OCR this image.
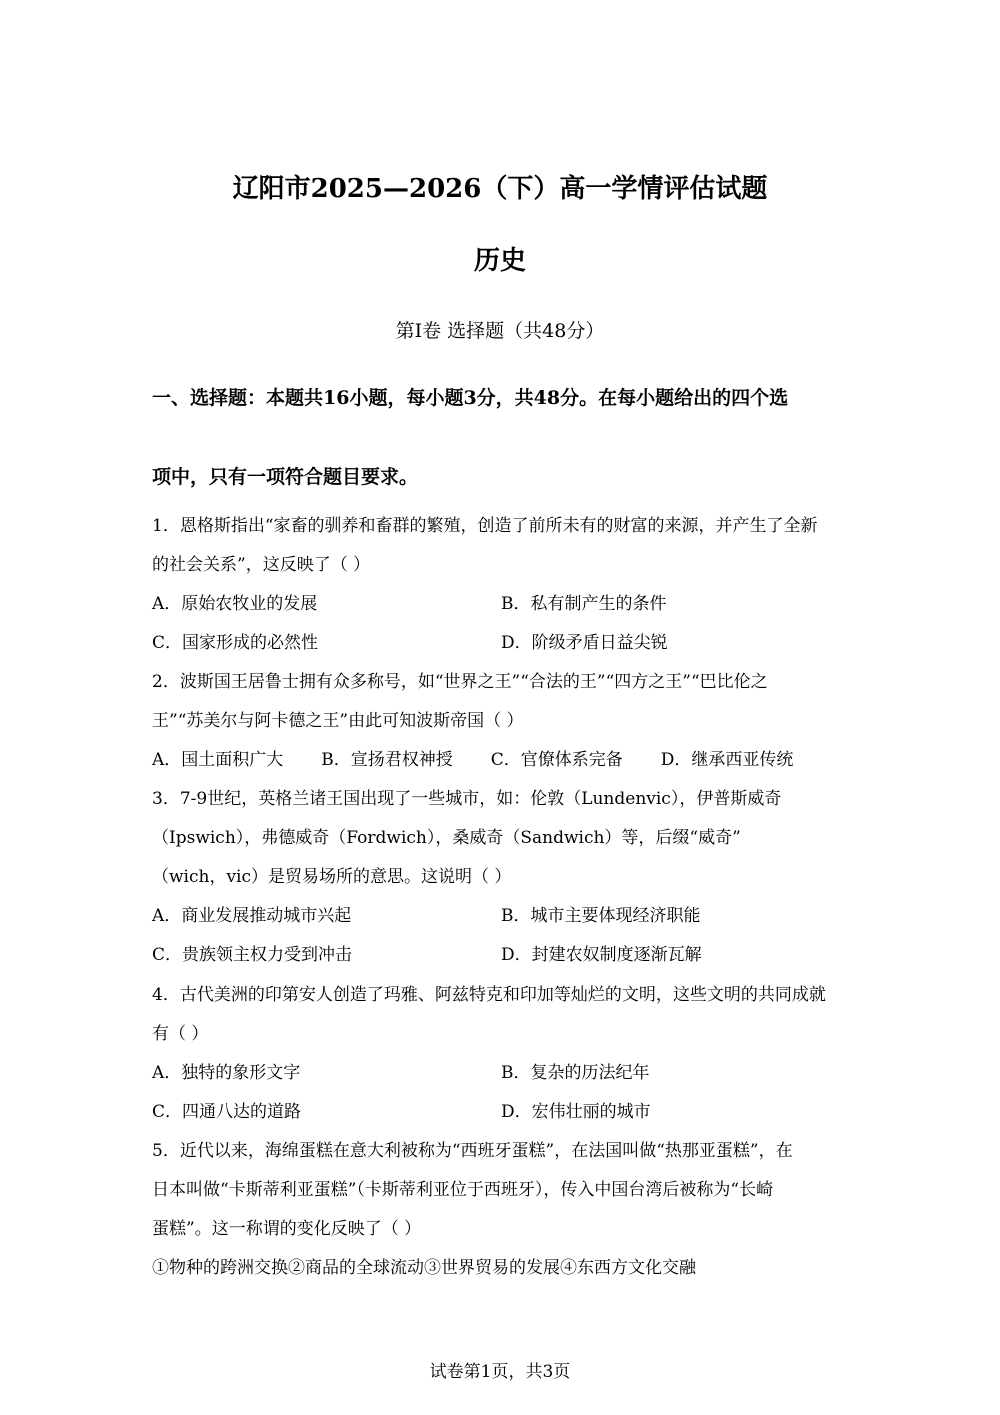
辽阳市2025—2026（下）高一学情评估试题
历史
第Ⅰ卷 选择题（共48分）
一、选择题：本题共16小题，每小题3分，共48分。在每小题给出的四个选
项中，只有一项符合题目要求。
1．恩格斯指出“家畜的驯养和畜群的繁殖，创造了前所未有的财富的来源，并产生了全新
的社会关系”，这反映了（ ）
A．原始农牧业的发展	B．私有制产生的条件
C．国家形成的必然性	D．阶级矛盾日益尖锐
2．波斯国王居鲁士拥有众多称号，如“世界之王”“合法的王”“四方之王”“巴比伦之
王”“苏美尔与阿卡德之王”由此可知波斯帝国（ ）
A．国土面积广大 B．宣扬君权神授 C．官僚体系完备 D．继承西亚传统
3．7-9世纪，英格兰诸王国出现了一些城市，如：伦敦（Lundenvic），伊普斯威奇
（Ipswich），弗德威奇（Fordwich），桑威奇（Sandwich）等，后缀“威奇”
（wich，vic）是贸易场所的意思。这说明（ ）
A．商业发展推动城市兴起	B．城市主要体现经济职能
C．贵族领主权力受到冲击	D．封建农奴制度逐渐瓦解
4．古代美洲的印第安人创造了玛雅、阿兹特克和印加等灿烂的文明，这些文明的共同成就
有（ ）
A．独特的象形文字	B．复杂的历法纪年
C．四通八达的道路	D．宏伟壮丽的城市
5．近代以来，海绵蛋糕在意大利被称为“西班牙蛋糕”，在法国叫做“热那亚蛋糕”，在
日本叫做“卡斯蒂利亚蛋糕”（卡斯蒂利亚位于西班牙），传入中国台湾后被称为“长崎
蛋糕”。这一称谓的变化反映了（ ）
①物种的跨洲交换②商品的全球流动③世界贸易的发展④东西方文化交融
试卷第1页，共3页
